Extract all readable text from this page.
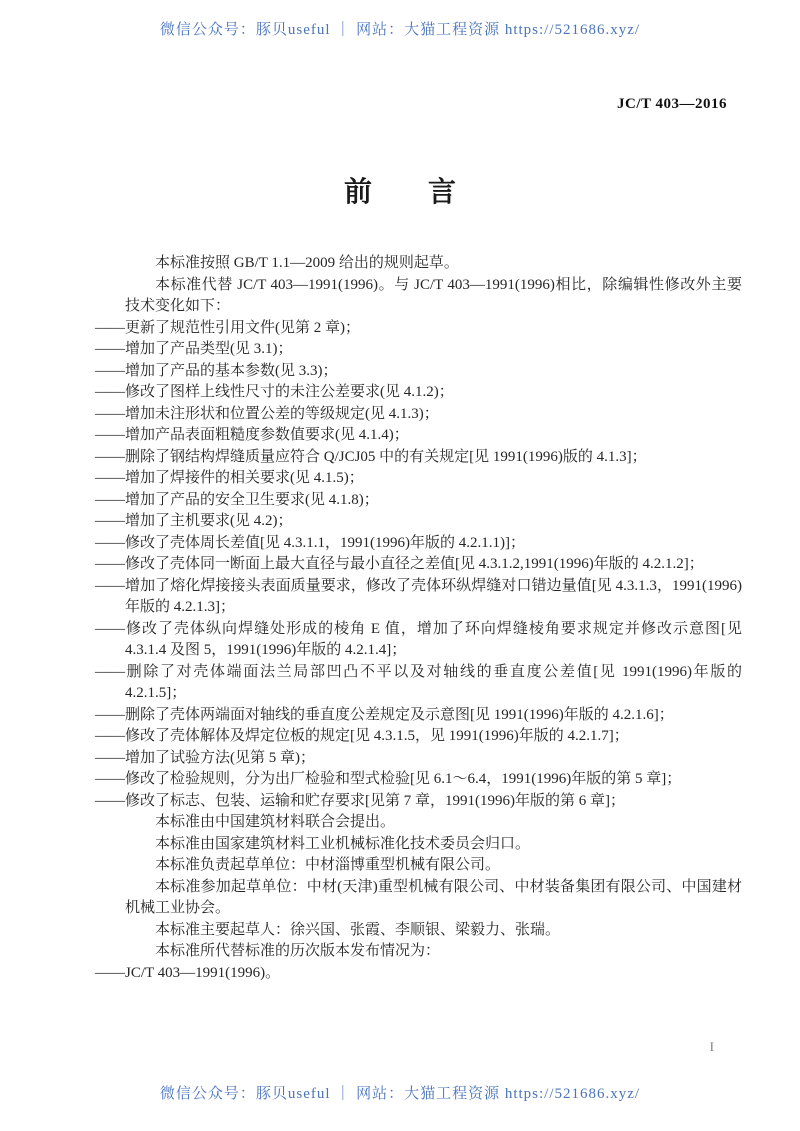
微信公众号：豚贝useful ｜ 网站：大猫工程资源 https://521686.xyz/
JC/T 403—2016
前　　言

本标准按照 GB/T 1.1—2009 给出的规则起草。

本标准代替 JC/T 403—1991(1996)。与 JC/T 403—1991(1996)相比，除编辑性修改外主要技术变化如下：

——更新了规范性引用文件(见第 2 章)；

——增加了产品类型(见 3.1)；

——增加了产品的基本参数(见 3.3)；

——修改了图样上线性尺寸的未注公差要求(见 4.1.2)；

——增加未注形状和位置公差的等级规定(见 4.1.3)；

——增加产品表面粗糙度参数值要求(见 4.1.4)；

——删除了钢结构焊缝质量应符合 Q/JCJ05 中的有关规定[见 1991(1996)版的 4.1.3]；

——增加了焊接件的相关要求(见 4.1.5)；

——增加了产品的安全卫生要求(见 4.1.8)；

——增加了主机要求(见 4.2)；

——修改了壳体周长差值[见 4.3.1.1，1991(1996)年版的 4.2.1.1)]；

——修改了壳体同一断面上最大直径与最小直径之差值[见 4.3.1.2,1991(1996)年版的 4.2.1.2]；

——增加了熔化焊接接头表面质量要求，修改了壳体环纵焊缝对口错边量值[见 4.3.1.3，1991(1996)年版的 4.2.1.3]；

——修改了壳体纵向焊缝处形成的棱角 E 值，增加了环向焊缝棱角要求规定并修改示意图[见 4.3.1.4 及图 5，1991(1996)年版的 4.2.1.4]；

——删除了对壳体端面法兰局部凹凸不平以及对轴线的垂直度公差值[见 1991(1996)年版的 4.2.1.5]；

——删除了壳体两端面对轴线的垂直度公差规定及示意图[见 1991(1996)年版的 4.2.1.6]；

——修改了壳体解体及焊定位板的规定[见 4.3.1.5，见 1991(1996)年版的 4.2.1.7]；

——增加了试验方法(见第 5 章)；

——修改了检验规则，分为出厂检验和型式检验[见 6.1～6.4，1991(1996)年版的第 5 章]；

——修改了标志、包装、运输和贮存要求[见第 7 章，1991(1996)年版的第 6 章]；

本标准由中国建筑材料联合会提出。

本标准由国家建筑材料工业机械标准化技术委员会归口。

本标准负责起草单位：中材淄博重型机械有限公司。

本标准参加起草单位：中材(天津)重型机械有限公司、中材装备集团有限公司、中国建材机械工业协会。

本标准主要起草人：徐兴国、张霞、李顺银、梁毅力、张瑞。

本标准所代替标准的历次版本发布情况为：

——JC/T 403—1991(1996)。

I
微信公众号：豚贝useful ｜ 网站：大猫工程资源 https://521686.xyz/
